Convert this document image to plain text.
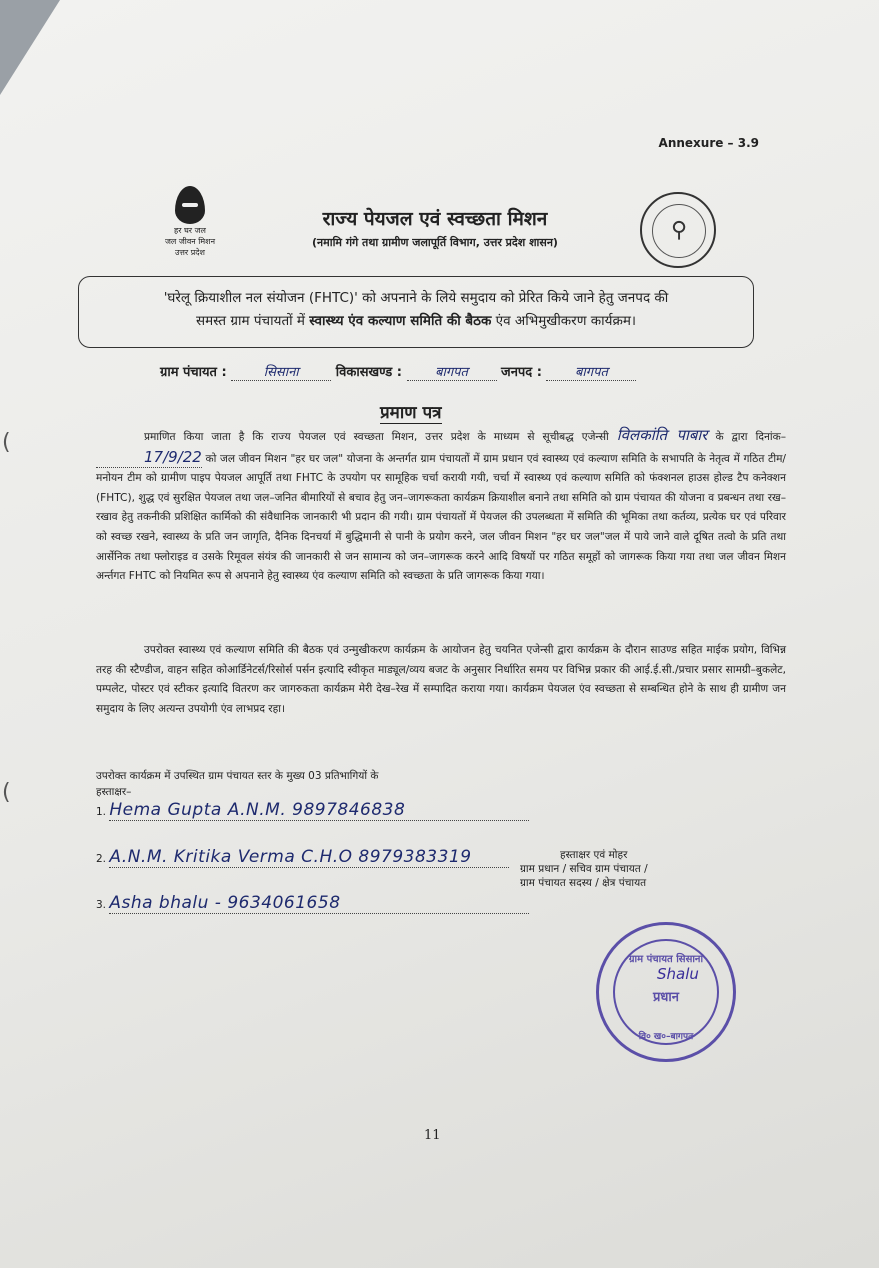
(
(
Annexure – 3.9
हर घर जल
जल जीवन मिशन
उत्तर प्रदेश
राज्य पेयजल एवं स्वच्छता मिशन
(नमामि गंगे तथा ग्रामीण जलापूर्ति विभाग, उत्तर प्रदेश शासन)	⚲
'घरेलू क्रियाशील नल संयोजन (FHTC)' को अपनाने के लिये समुदाय को प्रेरित किये जाने हेतु जनपद की
समस्त ग्राम पंचायतों में स्वास्थ्य एंव कल्याण समिति की बैठक एंव अभिमुखीकरण कार्यक्रम।
ग्राम पंचायत :	सिसाना	विकासखण्ड :	बागपत	जनपद :	बागपत
प्रमाण पत्र
प्रमाणित किया जाता है कि राज्य पेयजल एवं स्वच्छता मिशन, उत्तर प्रदेश के माध्यम से सूचीबद्ध एजेन्सी विलकांति पाबार के द्वारा दिनांक– 17/9/22 को जल जीवन मिशन "हर घर जल" योजना के अन्तर्गत ग्राम पंचायतों में ग्राम प्रधान एवं स्वास्थ्य एवं कल्याण समिति के सभापति के नेतृत्व में गठित टीम/मनोयन टीम को ग्रामीण पाइप पेयजल आपूर्ति तथा FHTC के उपयोग पर सामूहिक चर्चा करायी गयी, चर्चा में स्वास्थ्य एवं कल्याण समिति को फंक्शनल हाउस होल्ड टैप कनेक्शन (FHTC), शुद्ध एवं सुरक्षित पेयजल तथा जल–जनित बीमारियों से बचाव हेतु जन–जागरूकता कार्यक्रम क्रियाशील बनाने तथा समिति को ग्राम पंचायत की योजना व प्रबन्धन तथा रख–रखाव हेतु तकनीकी प्रशिक्षित कार्मिको की संवैधानिक जानकारी भी प्रदान की गयी। ग्राम पंचायतों में पेयजल की उपलब्धता में समिति की भूमिका तथा कर्तव्य, प्रत्येक घर एवं परिवार को स्वच्छ रखने, स्वास्थ्य के प्रति जन जागृति, दैनिक दिनचर्या में बुद्धिमानी से पानी के प्रयोग करने, जल जीवन मिशन "हर घर जल"जल में पाये जाने वाले दूषित तत्वो के प्रति तथा आर्सेनिक तथा फ्लोराइड व उसके रिमूवल संयंत्र की जानकारी से जन सामान्य को जन–जागरूक करने आदि विषयों पर गठित समूहों को जागरूक किया गया तथा जल जीवन मिशन अर्न्तगत FHTC को नियमित रूप से अपनाने हेतु स्वास्थ्य एंव कल्याण समिति को स्वच्छता के प्रति जागरूक किया गया।
उपरोक्त स्वास्थ्य एवं कल्याण समिति की बैठक एवं उन्मुखीकरण कार्यक्रम के आयोजन हेतु चयनित एजेन्सी द्वारा कार्यक्रम के दौरान साउण्ड सहित माईक प्रयोग, विभिन्न तरह की स्टैण्डीज, वाहन सहित कोआर्डिनेटर्स/रिसोर्स पर्सन इत्यादि स्वीकृत माड्यूल/व्यय बजट के अनुसार निर्धारित समय पर विभिन्न प्रकार की आई.ई.सी./प्रचार प्रसार सामग्री–बुकलेट, पम्पलेट, पोस्टर एवं स्टीकर इत्यादि वितरण कर जागरुकता कार्यक्रम मेरी देख–रेख में सम्पादित कराया गया। कार्यक्रम पेयजल एंव स्वच्छता से सम्बन्धित होने के साथ ही ग्रामीण जन समुदाय के लिए अत्यन्त उपयोगी एंव लाभप्रद रहा।
उपरोक्त कार्यक्रम में उपस्थित ग्राम पंचायत स्तर के मुख्य 03 प्रतिभागियों के
हस्ताक्षर–
1. Hema Gupta A.N.M. 9897846838
2. A.N.M. Kritika Verma C.H.O 8979383319
3. Asha bhalu - 9634061658
हस्ताक्षर एवं मोहर
ग्राम प्रधान / सचिव ग्राम पंचायत /
ग्राम पंचायत सदस्य / क्षेत्र पंचायत
ग्राम पंचायत सिसाना
Shalu
प्रधान
वि० ख०–बागपत
11
